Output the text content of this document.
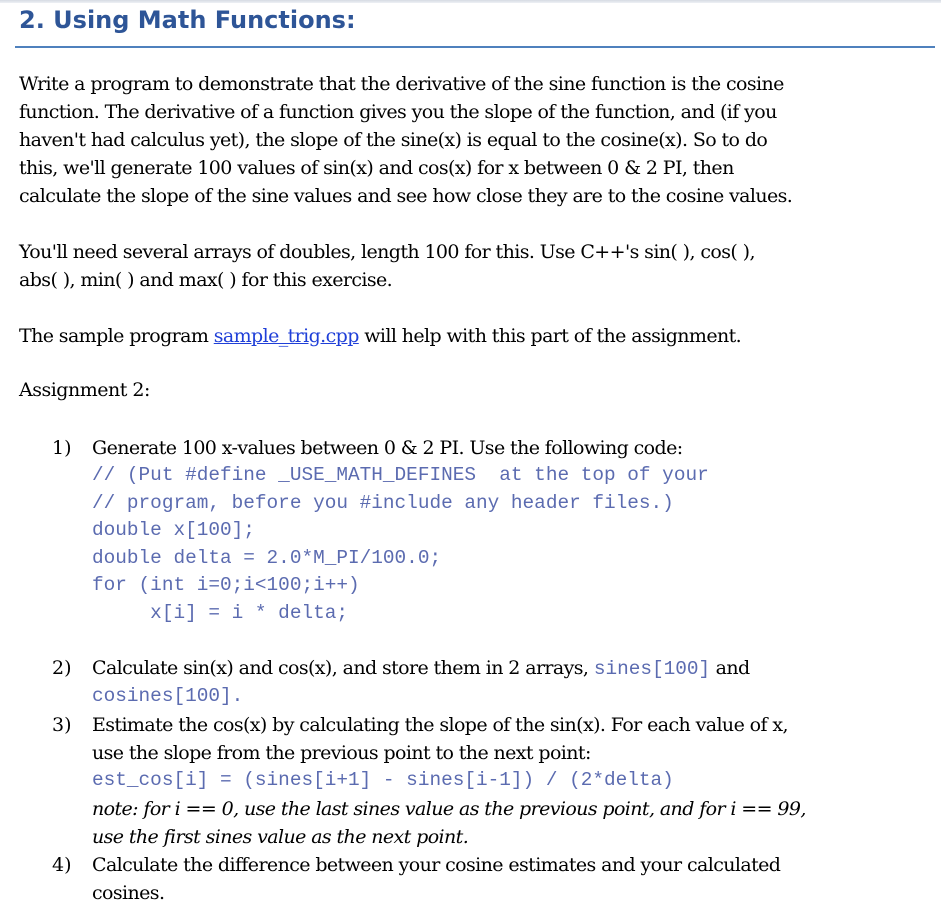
2. Using Math Functions:
Write a program to demonstrate that the derivative of the sine function is the cosine
function. The derivative of a function gives you the slope of the function, and (if you
haven't had calculus yet), the slope of the sine(x) is equal to the cosine(x). So to do
this, we'll generate 100 values of sin(x) and cos(x) for x between 0 & 2 PI, then
calculate the slope of the sine values and see how close they are to the cosine values.
You'll need several arrays of doubles, length 100 for this. Use C++'s sin( ), cos( ),
abs( ), min( ) and max( ) for this exercise.
The sample program sample_trig.cpp will help with this part of the assignment.
Assignment 2:
1) Generate 100 x-values between 0 & 2 PI. Use the following code:
// (Put #define _USE_MATH_DEFINES  at the top of your
// program, before you #include any header files.)
double x[100];
double delta = 2.0*M_PI/100.0;
for (int i=0;i<100;i++)
x[i] = i * delta;
2) Calculate sin(x) and cos(x), and store them in 2 arrays, sines[100] and
cosines[100].
3) Estimate the cos(x) by calculating the slope of the sin(x). For each value of x,
use the slope from the previous point to the next point:
est_cos[i] = (sines[i+1] - sines[i-1]) / (2*delta)
note: for i == 0, use the last sines value as the previous point, and for i == 99,
use the first sines value as the next point.
4) Calculate the difference between your cosine estimates and your calculated
cosines.
